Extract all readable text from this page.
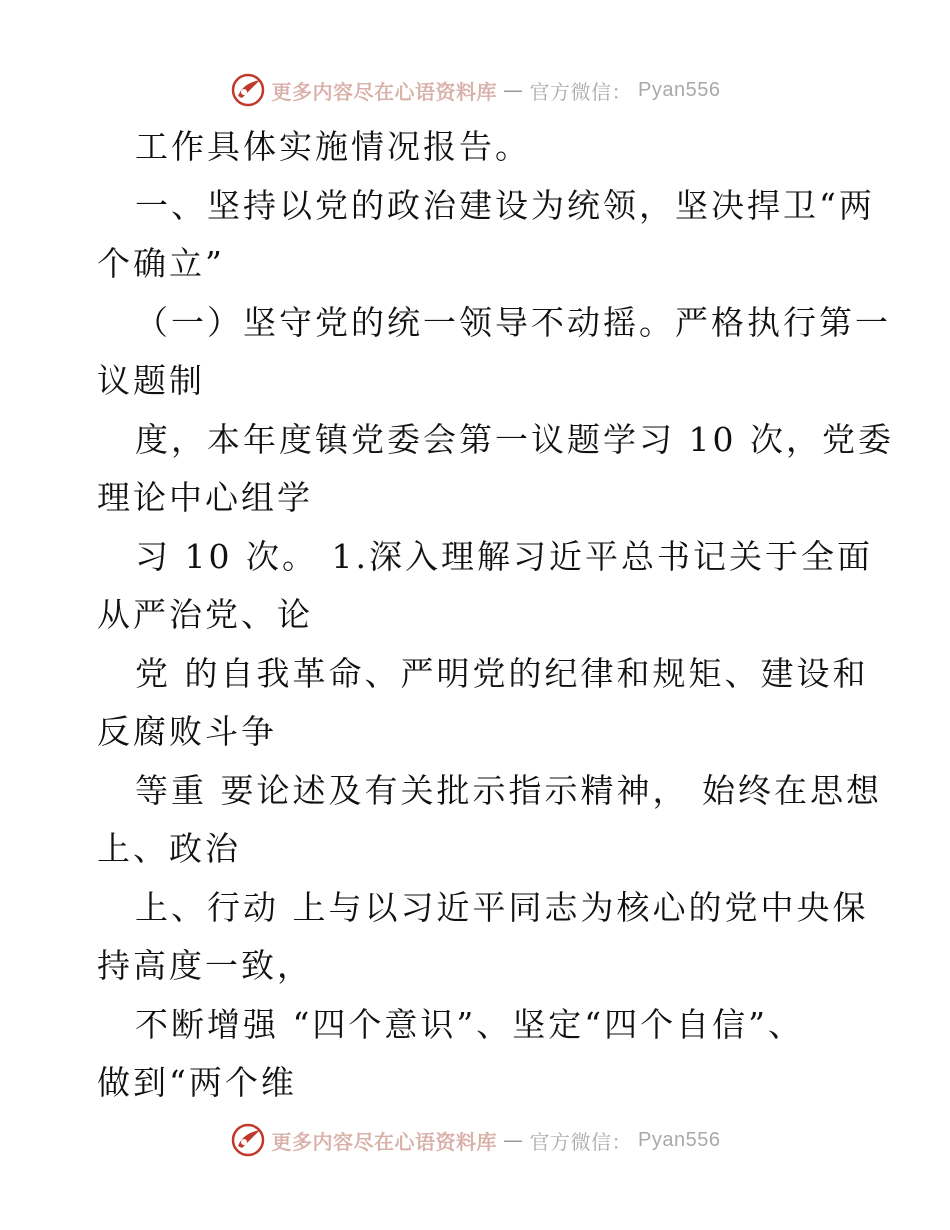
更多内容尽在心语资料库 — 官方微信： Pyan556
工作具体实施情况报告。
一、坚持以党的政治建设为统领，坚决捍卫“两
个确立”
（一）坚守党的统一领导不动摇。严格执行第一
议题制
度，本年度镇党委会第一议题学习 10 次，党委
理论中心组学
习 10 次。 1.深入理解习近平总书记关于全面
从严治党、论
党 的自我革命、严明党的纪律和规矩、建设和
反腐败斗争
等重 要论述及有关批示指示精神， 始终在思想
上、政治
上、行动 上与以习近平同志为核心的党中央保
持高度一致，
不断增强 “四个意识”、坚定“四个自信”、
做到“两个维
更多内容尽在心语资料库 — 官方微信： Pyan556
